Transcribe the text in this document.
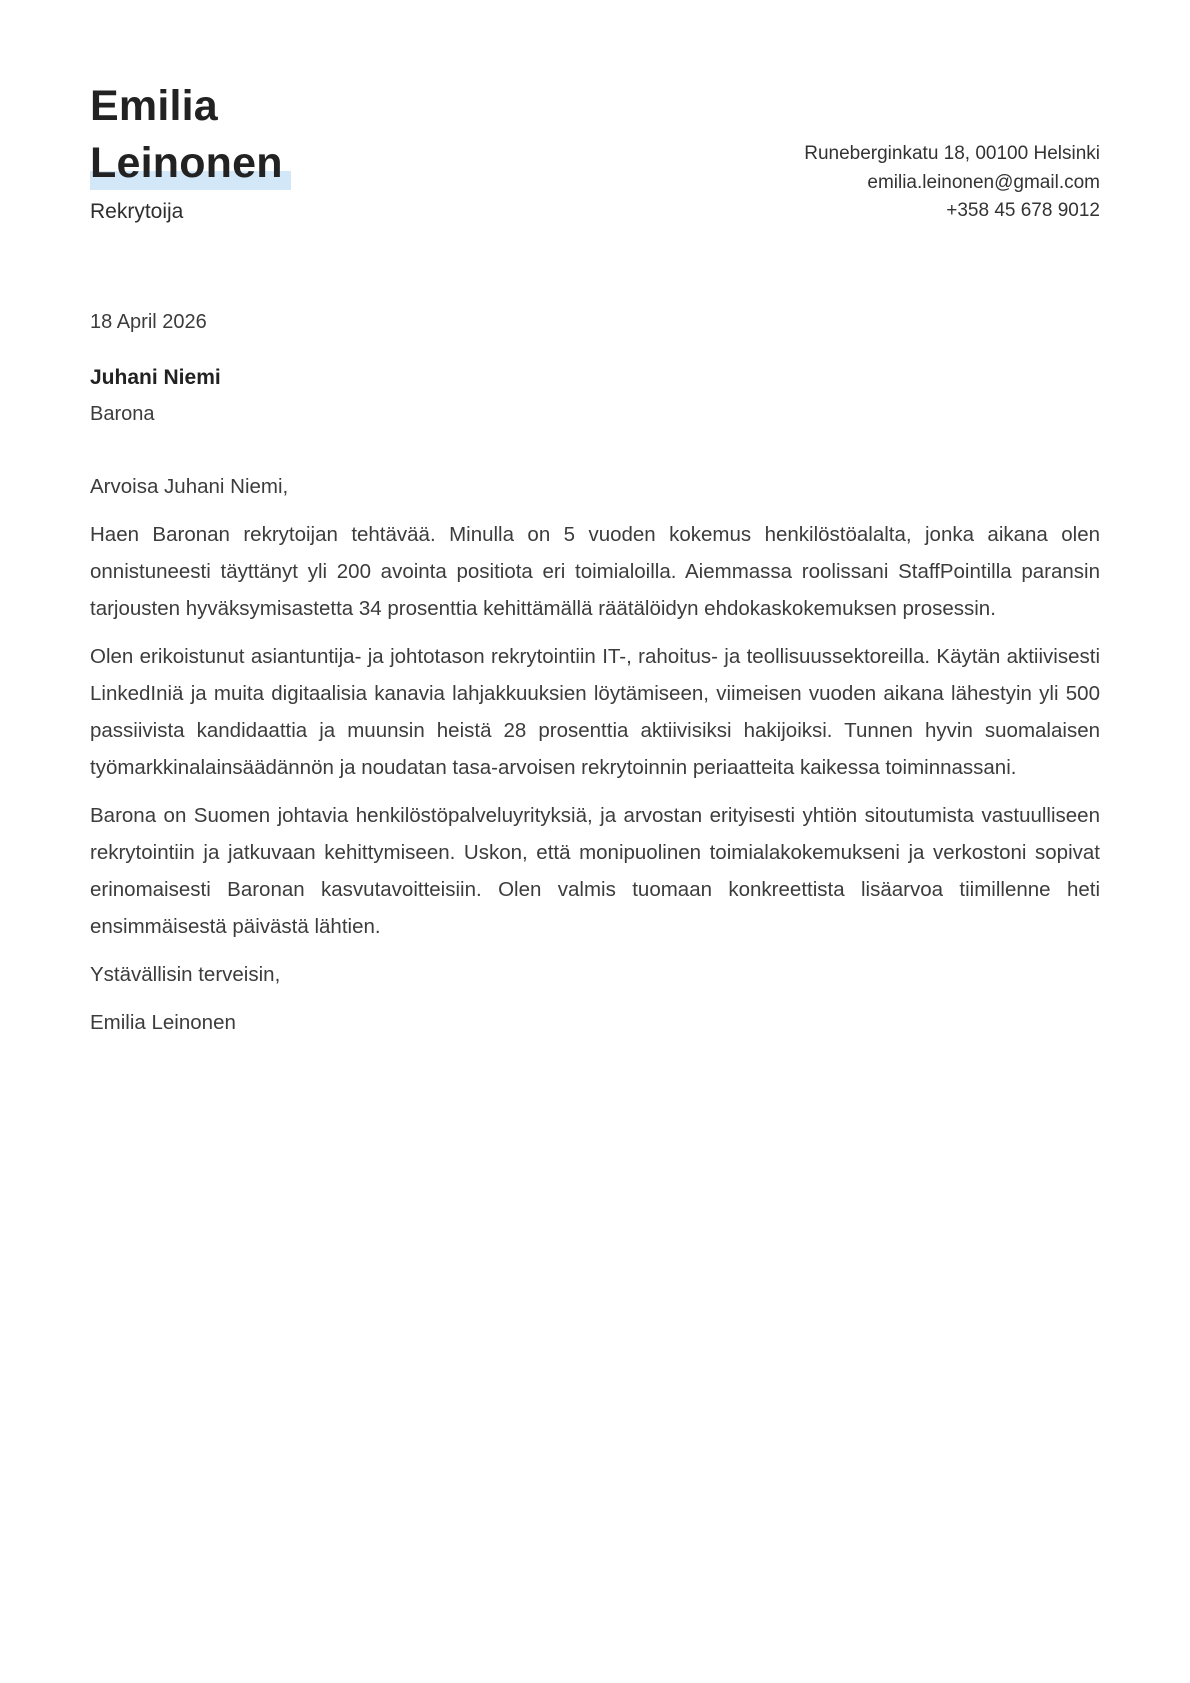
Emilia
Leinonen
Rekrytoija
Runeberginkatu 18, 00100 Helsinki
emilia.leinonen@gmail.com
+358 45 678 9012
18 April 2026
Juhani Niemi
Barona

Arvoisa Juhani Niemi,

Haen Baronan rekrytoijan tehtävää. Minulla on 5 vuoden kokemus henkilöstöalalta, jonka aikana olen onnistuneesti täyttänyt yli 200 avointa positiota eri toimialoilla. Aiemmassa roolissani StaffPointilla paransin tarjousten hyväksymisastetta 34 prosenttia kehittämällä räätälöidyn ehdokaskokemuksen prosessin.

Olen erikoistunut asiantuntija- ja johtotason rekrytointiin IT-, rahoitus- ja teollisuussektoreilla. Käytän aktiivisesti LinkedIniä ja muita digitaalisia kanavia lahjakkuuksien löytämiseen, viimeisen vuoden aikana lähestyin yli 500 passiivista kandidaattia ja muunsin heistä 28 prosenttia aktiivisiksi hakijoiksi. Tunnen hyvin suomalaisen työmarkkinalainsäädännön ja noudatan tasa-arvoisen rekrytoinnin periaatteita kaikessa toiminnassani.

Barona on Suomen johtavia henkilöstöpalveluyrityksiä, ja arvostan erityisesti yhtiön sitoutumista vastuulliseen rekrytointiin ja jatkuvaan kehittymiseen. Uskon, että monipuolinen toimialakokemukseni ja verkostoni sopivat erinomaisesti Baronan kasvutavoitteisiin. Olen valmis tuomaan konkreettista lisäarvoa tiimillenne heti ensimmäisestä päivästä lähtien.

Ystävällisin terveisin,

Emilia Leinonen
